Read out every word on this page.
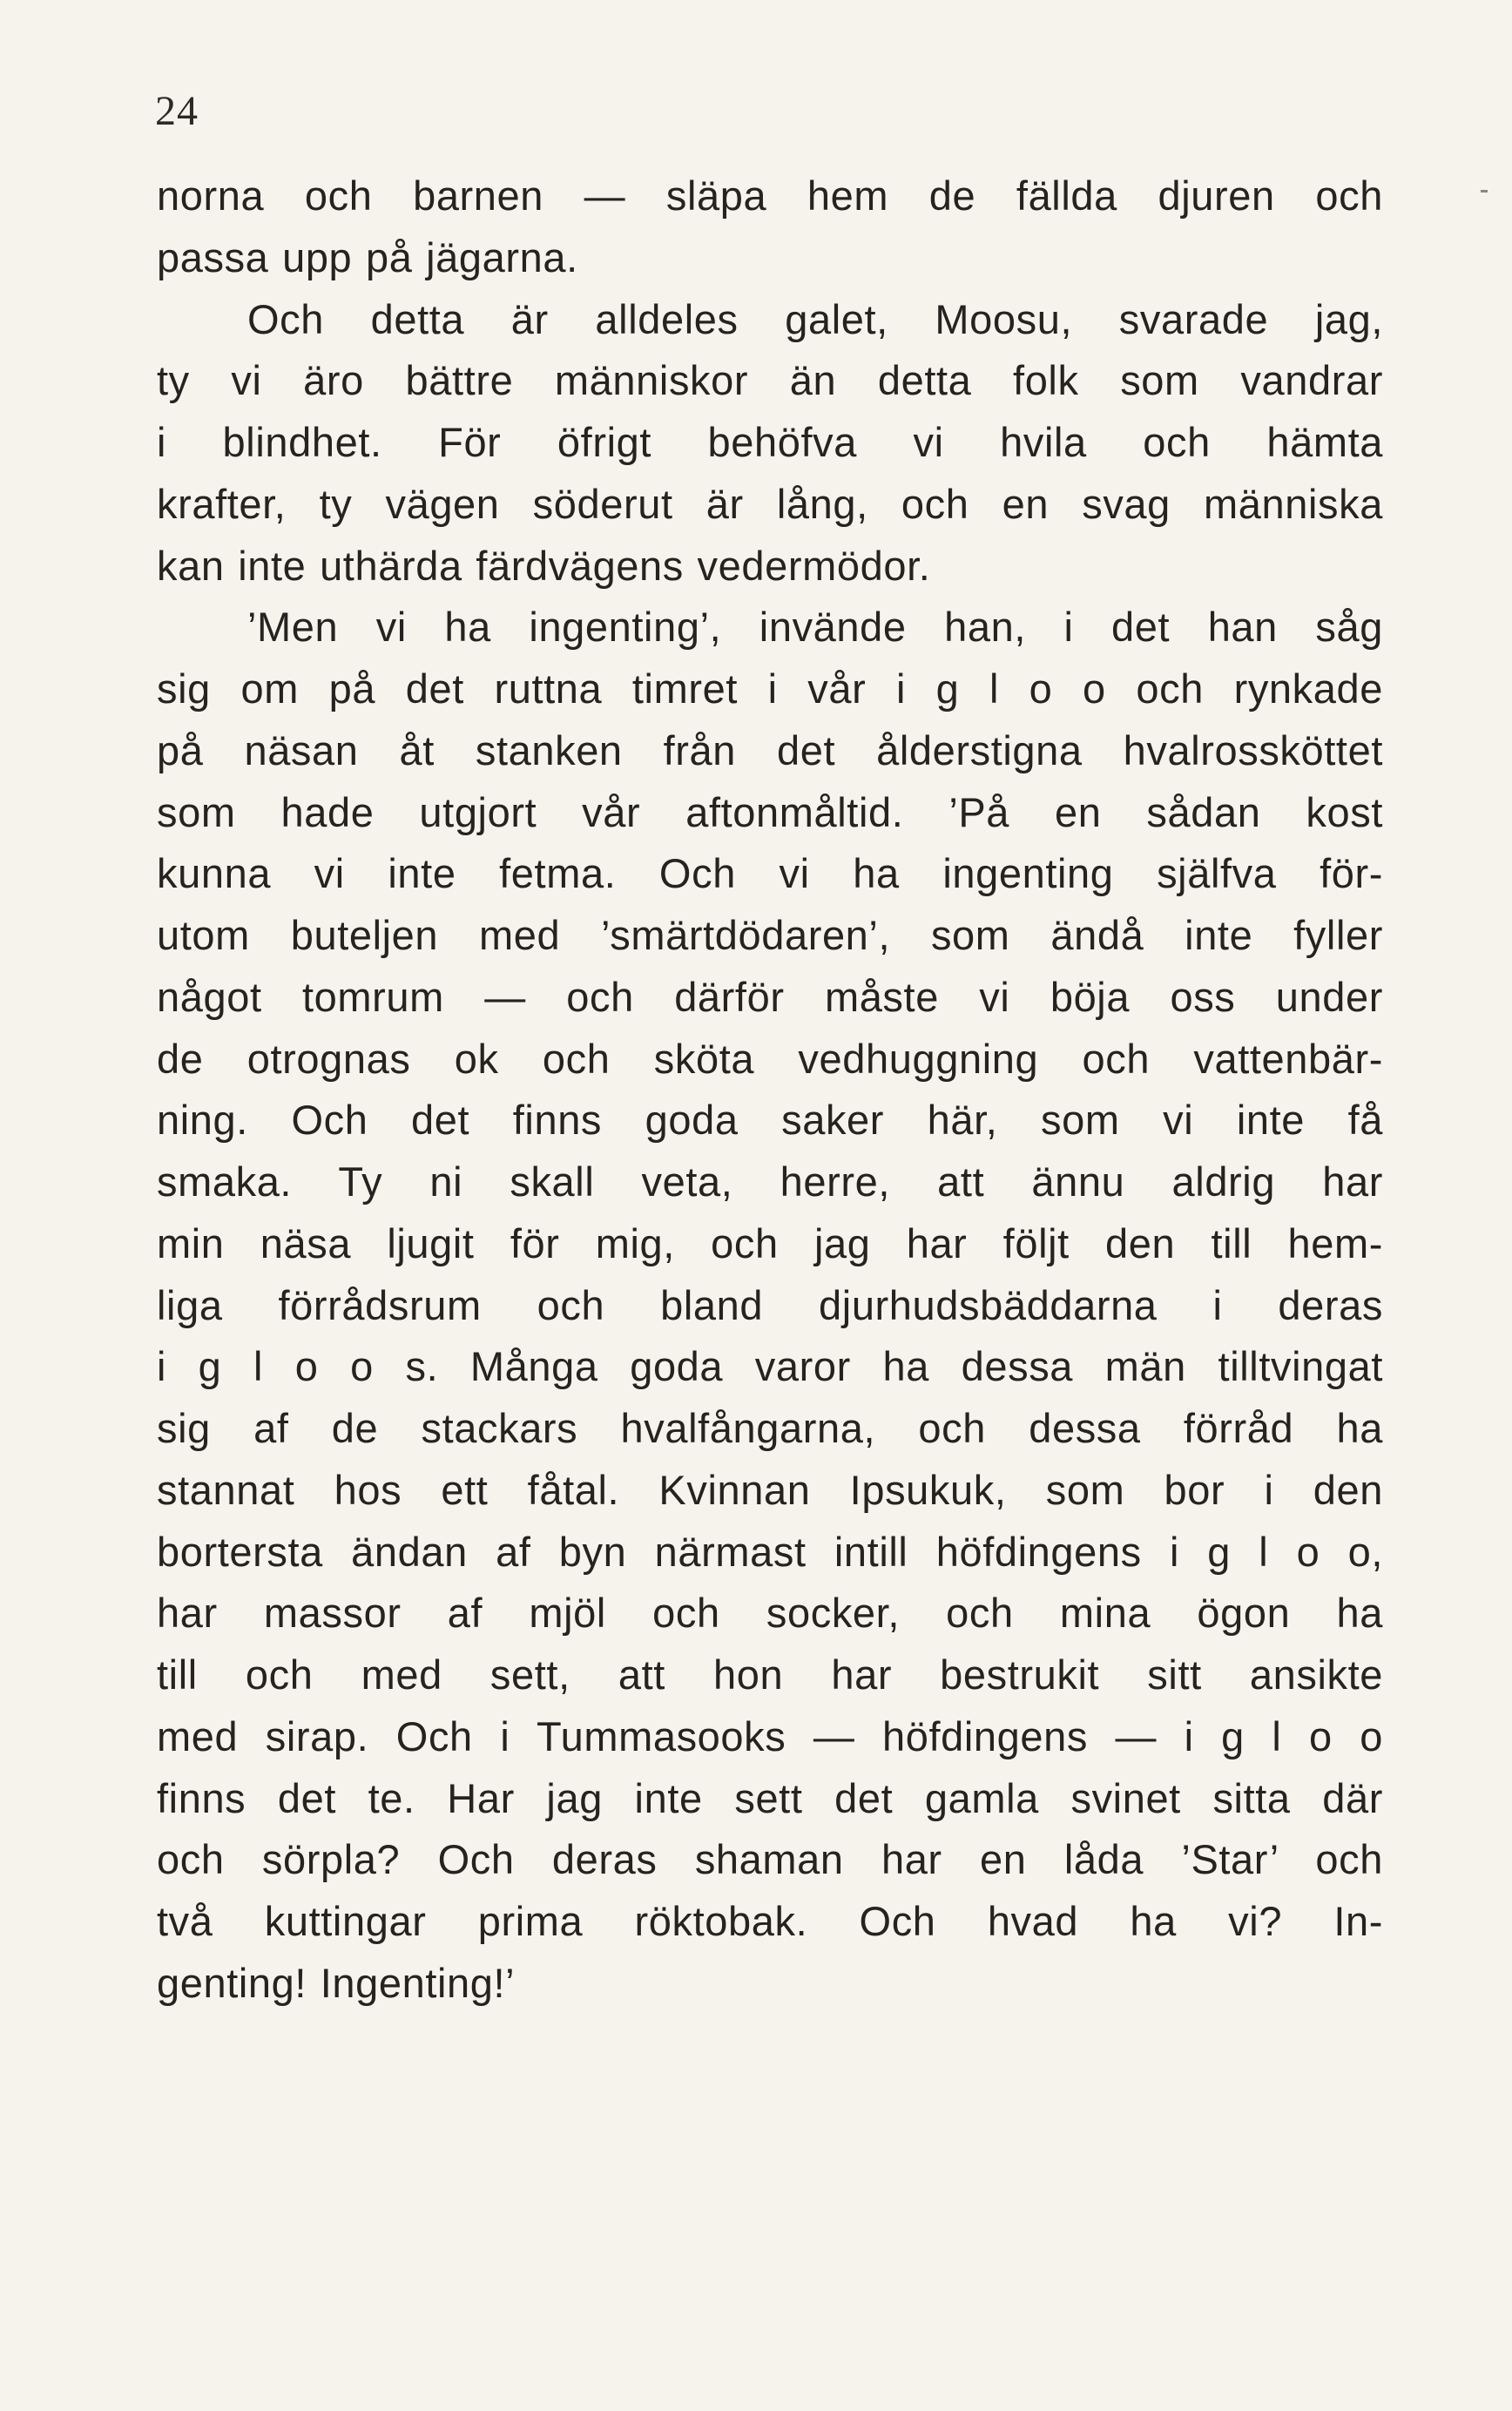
24
norna och barnen — släpa hem de fällda djuren och
passa upp på jägarna.
Och detta är alldeles galet, Moosu, svarade jag,
ty vi äro bättre människor än detta folk som vandrar
i blindhet. För öfrigt behöfva vi hvila och hämta
krafter, ty vägen söderut är lång, och en svag människa
kan inte uthärda färdvägens vedermödor.
’Men vi ha ingenting’, invände han, i det han såg
sig om på det ruttna timret i vår i g l o o och rynkade
på näsan åt stanken från det ålderstigna hvalrossköttet
som hade utgjort vår aftonmåltid. ’På en sådan kost
kunna vi inte fetma. Och vi ha ingenting själfva för-
utom buteljen med ’smärtdödaren’, som ändå inte fyller
något tomrum — och därför måste vi böja oss under
de otrognas ok och sköta vedhuggning och vattenbär-
ning. Och det finns goda saker här, som vi inte få
smaka. Ty ni skall veta, herre, att ännu aldrig har
min näsa ljugit för mig, och jag har följt den till hem-
liga förrådsrum och bland djurhudsbäddarna i deras
i g l o o s. Många goda varor ha dessa män tilltvingat
sig af de stackars hvalfångarna, och dessa förråd ha
stannat hos ett fåtal. Kvinnan Ipsukuk, som bor i den
bortersta ändan af byn närmast intill höfdingens i g l o o,
har massor af mjöl och socker, och mina ögon ha
till och med sett, att hon har bestrukit sitt ansikte
med sirap. Och i Tummasooks — höfdingens — i g l o o
finns det te. Har jag inte sett det gamla svinet sitta där
och sörpla? Och deras shaman har en låda ’Star’ och
två kuttingar prima röktobak. Och hvad ha vi? In-
genting! Ingenting!’
